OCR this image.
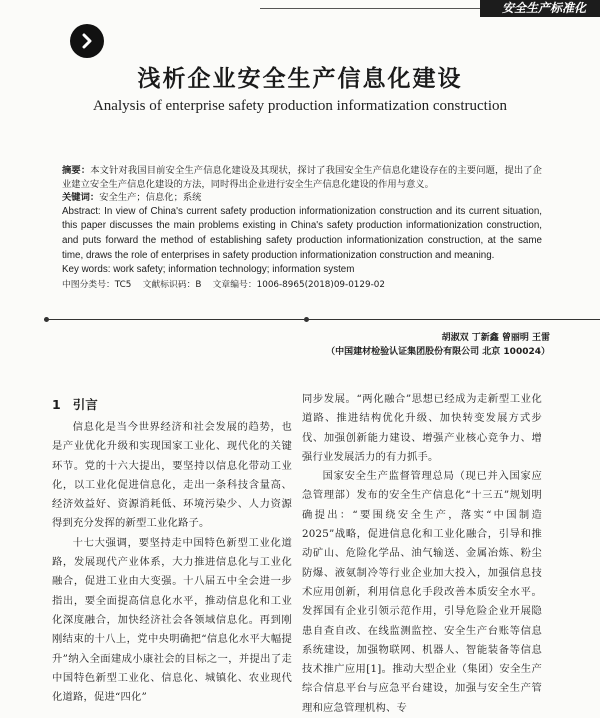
安全生产标准化
浅析企业安全生产信息化建设
Analysis of enterprise safety production informatization construction

摘要：本文针对我国目前安全生产信息化建设及其现状，探讨了我国安全生产信息化建设存在的主要问题，提出了企业建立安全生产信息化建设的方法，同时得出企业进行安全生产信息化建设的作用与意义。

关键词：安全生产；信息化；系统

Abstract: In view of China's current safety production informationization construction and its current situation, this paper discusses the main problems existing in China's safety production informationization construction, and puts forward the method of establishing safety production informationization construction, at the same time, draws the role of enterprises in safety production informationization construction and meaning.

Key words: work safety; information technology; information system

中图分类号：TC5 文献标识码：B 文章编号：1006-8965(2018)09-0129-02

胡淑双 丁新鑫 曾丽明 王雷
（中国建材检验认证集团股份有限公司 北京 100024）
1 引言

信息化是当今世界经济和社会发展的趋势，也是产业优化升级和实现国家工业化、现代化的关键环节。党的十六大提出，要坚持以信息化带动工业化，以工业化促进信息化，走出一条科技含量高、经济效益好、资源消耗低、环境污染少、人力资源得到充分发挥的新型工业化路子。

十七大强调，要坚持走中国特色新型工业化道路，发展现代产业体系，大力推进信息化与工业化融合，促进工业由大变强。十八届五中全会进一步指出，要全面提高信息化水平，推动信息化和工业化深度融合，加快经济社会各领域信息化。再到刚刚结束的十八上，党中央明确把“信息化水平大幅提升”纳入全面建成小康社会的目标之一，并提出了走中国特色新型工业化、信息化、城镇化、农业现代化道路，促进“四化”

同步发展。“两化融合”思想已经成为走新型工业化道路、推进结构优化升级、加快转变发展方式步伐、加强创新能力建设、增强产业核心竞争力、增强行业发展活力的有力抓手。

国家安全生产监督管理总局（现已并入国家应急管理部）发布的安全生产信息化“十三五”规划明确提出：“要围绕安全生产，落实“中国制造2025”战略，促进信息化和工业化融合，引导和推动矿山、危险化学品、油气输送、金属冶炼、粉尘防爆、液氨制冷等行业企业加大投入，加强信息技术应用创新，利用信息化手段改善本质安全水平。发挥国有企业引领示范作用，引导危险企业开展隐患自查自改、在线监测监控、安全生产台账等信息系统建设，加强物联网、机器人、智能装备等信息技术推广应用[1]。推动大型企业（集团）安全生产综合信息平台与应急平台建设，加强与安全生产管理和应急管理机构、专
